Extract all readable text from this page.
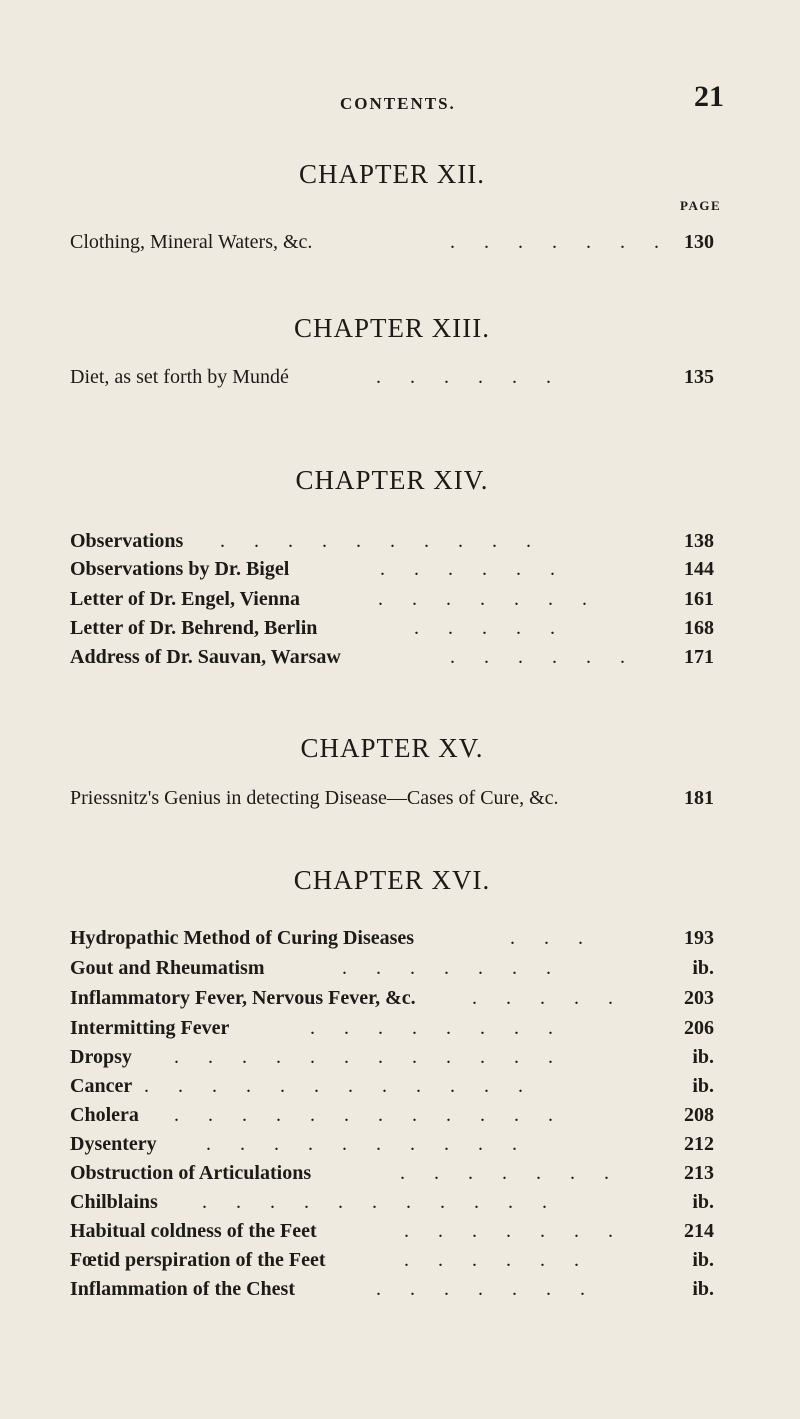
CONTENTS.	21
PAGE
CHAPTER XII.
Clothing, Mineral Waters, &c.	. . . . . . . 130
CHAPTER XIII.
Diet, as set forth by Mundé	. . . . . .	135
CHAPTER XIV.
Observations . . . . . . . . . .	138
Observations by Dr. Bigel	. . . . . .	144
Letter of Dr. Engel, Vienna	. . . . . . .	161
Letter of Dr. Behrend, Berlin	. . . . .	168
Address of Dr. Sauvan, Warsaw	. . . . . . 171
CHAPTER XV.
Priessnitz's Genius in detecting Disease—Cases of Cure, &c.	181
CHAPTER XVI.
Hydropathic Method of Curing Diseases	. . .	193
Gout and Rheumatism	. . . . . . .	ib.
Inflammatory Fever, Nervous Fever, &c.	. . . . .	203
Intermitting Fever	. . . . . . . .	206
Dropsy . . . . . . . . . . . .	ib.
Cancer . . . . . . . . . . . .	ib.
Cholera . . . . . . . . . . . .	208
Dysentery . . . . . . . . . .	212
Obstruction of Articulations	. . . . . . .	213
Chilblains . . . . . . . . . . .	ib.
Habitual coldness of the Feet	. . . . . . .	214
Fœtid perspiration of the Feet	. . . . . .	ib.
Inflammation of the Chest	. . . . . . .	ib.
